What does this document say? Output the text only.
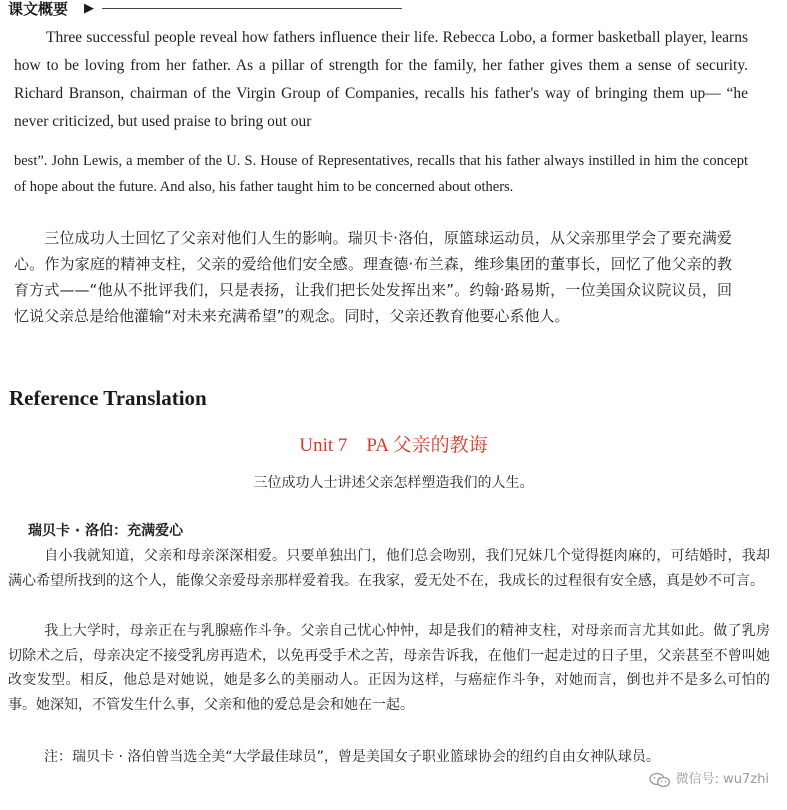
课文概要 ▶
Three successful people reveal how fathers influence their life. Rebecca Lobo, a former basketball player, learns how to be loving from her father. As a pillar of strength for the family, her father gives them a sense of security. Richard Branson, chairman of the Virgin Group of Companies, recalls his father's way of bringing them up— “he never criticized, but used praise to bring out our
best”. John Lewis, a member of the U. S. House of Representatives, recalls that his father always instilled in him the concept of hope about the future. And also, his father taught him to be concerned about others.
三位成功人士回忆了父亲对他们人生的影响。瑞贝卡·洛伯，原篮球运动员，从父亲那里学会了要充满爱心。作为家庭的精神支柱，父亲的爱给他们安全感。理查德·布兰森，维珍集团的董事长，回忆了他父亲的教育方式——“他从不批评我们，只是表扬，让我们把长处发挥出来”。约翰·路易斯，一位美国众议院议员，回忆说父亲总是给他灌输“对未来充满希望”的观念。同时，父亲还教育他要心系他人。
Reference Translation
Unit 7　PA 父亲的教诲
三位成功人士讲述父亲怎样塑造我们的人生。
瑞贝卡 · 洛伯：充满爱心
自小我就知道，父亲和母亲深深相爱。只要单独出门，他们总会吻别，我们兄妹几个觉得挺肉麻的，可结婚时，我却满心希望所找到的这个人，能像父亲爱母亲那样爱着我。在我家，爱无处不在，我成长的过程很有安全感，真是妙不可言。
我上大学时，母亲正在与乳腺癌作斗争。父亲自己忧心忡忡，却是我们的精神支柱，对母亲而言尤其如此。做了乳房切除术之后，母亲决定不接受乳房再造术，以免再受手术之苦，母亲告诉我，在他们一起走过的日子里，父亲甚至不曾叫她改变发型。相反，他总是对她说，她是多么的美丽动人。正因为这样，与癌症作斗争，对她而言，倒也并不是多么可怕的事。她深知，不管发生什么事，父亲和他的爱总是会和她在一起。
注：瑞贝卡 · 洛伯曾当选全美“大学最佳球员”，曾是美国女子职业篮球协会的纽约自由女神队球员。
微信号: wu7zhi
